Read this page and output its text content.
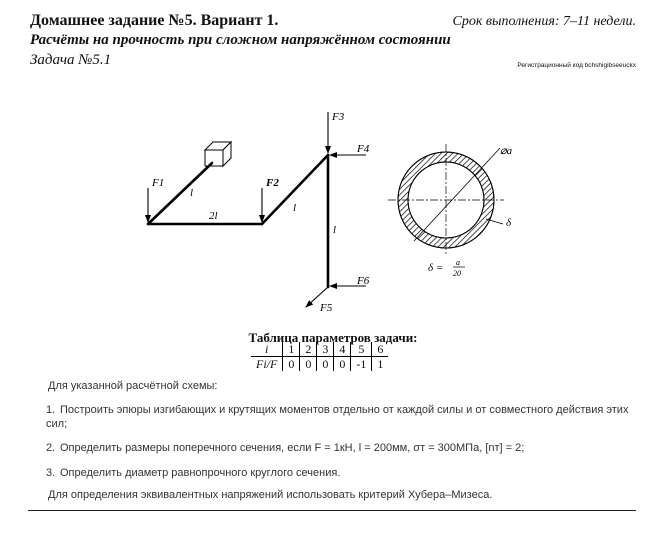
Домашнее задание №5. Вариант 1.	Срок выполнения: 7–11 недели.
Расчёты на прочность при сложном напряжённом состоянии
Задача №5.1	Регистрационный код bchshigibseeuckx
F1	F2
F3
F4
F6
F5
l
2l
l
l
⌀a
δ
δ = a
20
Таблица параметров задачи:
i	1	2	3	4	5	6
Fi/F	0	0	0	0	-1	1
Для указанной расчётной схемы:
1. Построить эпюры изгибающих и крутящих моментов отдельно от каждой силы и от совместного действия этих сил;
2. Определить размеры поперечного сечения, если F = 1кН, l = 200мм, σт = 300МПа, [nт] = 2;
3. Определить диаметр равнопрочного круглого сечения.
Для определения эквивалентных напряжений использовать критерий Хубера–Мизеса.
